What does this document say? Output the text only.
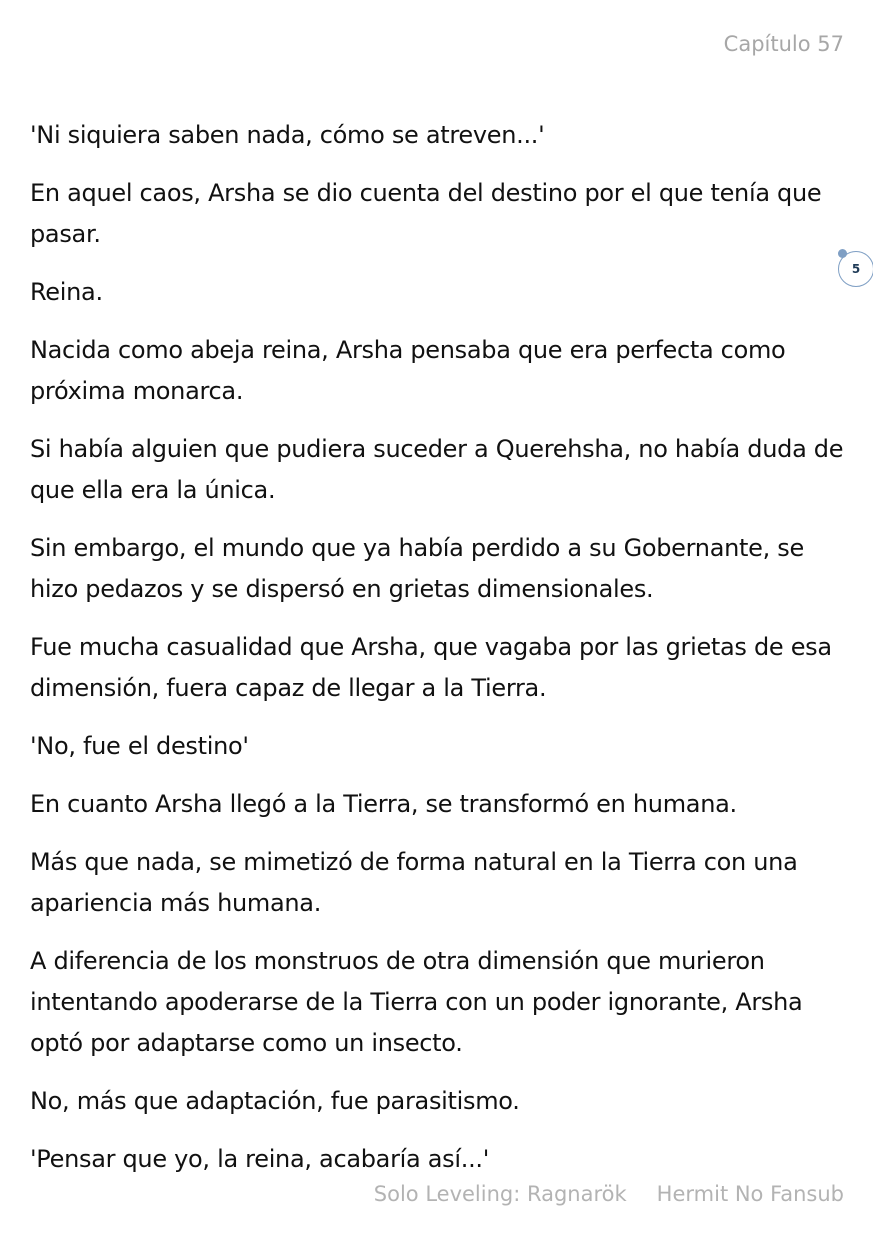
Capítulo 57

'Ni siquiera saben nada, cómo se atreven...'

En aquel caos, Arsha se dio cuenta del destino por el que tenía que pasar.

Reina.

Nacida como abeja reina, Arsha pensaba que era perfecta como próxima monarca.

Si había alguien que pudiera suceder a Querehsha, no había duda de que ella era la única.

Sin embargo, el mundo que ya había perdido a su Gobernante, se hizo pedazos y se dispersó en grietas dimensionales.

Fue mucha casualidad que Arsha, que vagaba por las grietas de esa dimensión, fuera capaz de llegar a la Tierra.

'No, fue el destino'

En cuanto Arsha llegó a la Tierra, se transformó en humana.

Más que nada, se mimetizó de forma natural en la Tierra con una apariencia más humana.

A diferencia de los monstruos de otra dimensión que murieron intentando apoderarse de la Tierra con un poder ignorante, Arsha optó por adaptarse como un insecto.

No, más que adaptación, fue parasitismo.

'Pensar que yo, la reina, acabaría así...'

5
Solo Leveling: Ragnarök Hermit No Fansub
